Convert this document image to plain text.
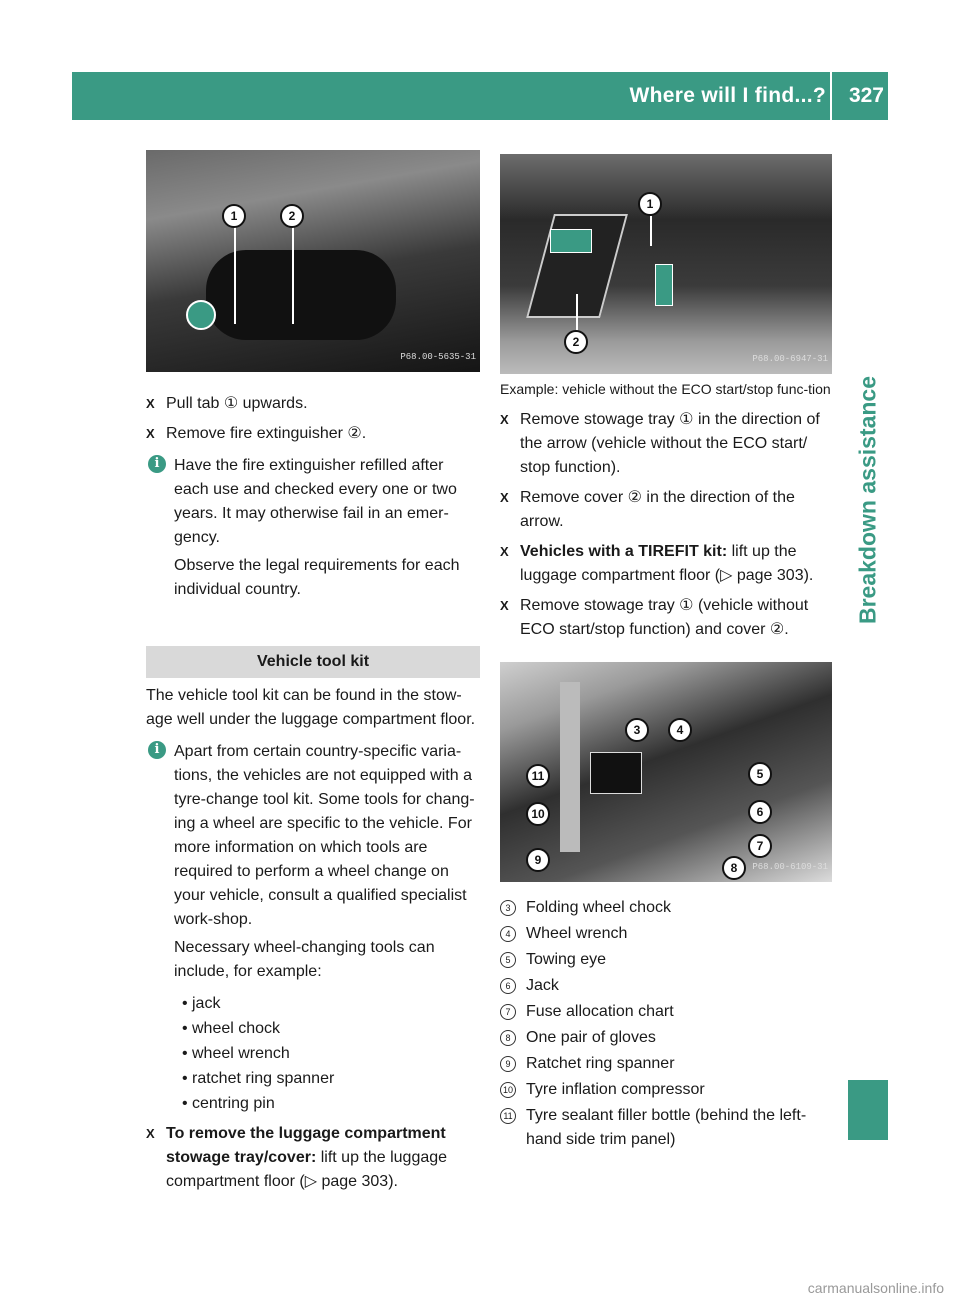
Where will I find...? 327
Breakdown assistance
1	2
P68.00-5635-31
X Pull tab ① upwards.
X Remove fire extinguisher ②.
i Have the fire extinguisher refilled after each use and checked every one or two years. It may otherwise fail in an emer-gency.
Observe the legal requirements for each individual country.
Vehicle tool kit
The vehicle tool kit can be found in the stow-age well under the luggage compartment floor.
i Apart from certain country-specific varia-tions, the vehicles are not equipped with a tyre-change tool kit. Some tools for chang-ing a wheel are specific to the vehicle. For more information on which tools are required to perform a wheel change on your vehicle, consult a qualified specialist work-shop.
Necessary wheel-changing tools can include, for example:
• jack
• wheel chock
• wheel wrench
• ratchet ring spanner
• centring pin
X To remove the luggage compartment stowage tray/cover: lift up the luggage compartment floor (▷ page 303).
1
2
P68.00-6947-31
Example: vehicle without the ECO start/stop func-tion
X Remove stowage tray ① in the direction of the arrow (vehicle without the ECO start/ stop function).
X Remove cover ② in the direction of the arrow.
X Vehicles with a TIREFIT kit: lift up the luggage compartment floor (▷ page 303).
X Remove stowage tray ① (vehicle without ECO start/stop function) and cover ②.
3	4
5
6
7
8
9
10
11
P68.00-6109-31
3 Folding wheel chock
4 Wheel wrench
5 Towing eye
6 Jack
7 Fuse allocation chart
8 One pair of gloves
9 Ratchet ring spanner
10 Tyre inflation compressor
11 Tyre sealant filler bottle (behind the left-hand side trim panel)
carmanualsonline.info
